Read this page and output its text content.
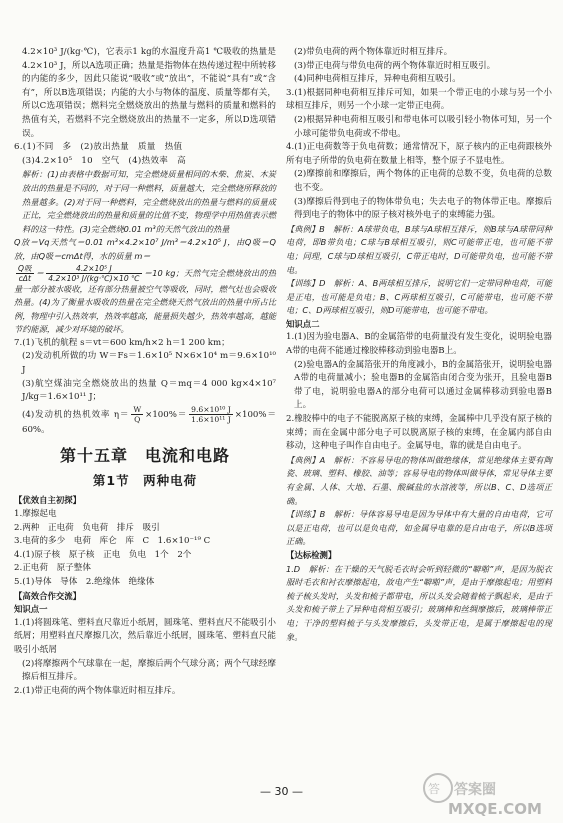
4.2×10³ J/(kg·℃)，它表示1 kg的水温度升高1 ℃吸收的热量是4.2×10³ J，所以A选项正确；热量是指物体在热传递过程中所转移的内能的多少，因此只能说“吸收”或“放出”，不能说“具有”或“含有”，所以B选项错误；内能的大小与物体的温度、质量等都有关，所以C选项错误；燃料完全燃烧放出的热量与燃料的质量和燃料的热值有关，若燃料不完全燃烧放出的热量不一定多，所以D选项错误。

6.(1)不同　多　(2)放出热量　质量　热值

(3)4.2×10⁵　10　空气　(4)热效率　高

解析：(1)由表格中数据可知，完全燃烧质量相同的木柴、焦炭、木炭放出的热量是不同的，对于同一种燃料，质量越大，完全燃烧所释放的热量越多。(2)对于同一种燃料，完全燃烧放出的热量与燃料的质量成正比，完全燃烧放出的热量和质量的比值不变，物理学中用热值表示燃料的这一特性。(3)完全燃烧0.01 m³的天然气放出的热量

Q放＝Vq天然气＝0.01 m³×4.2×10⁷ J/m³＝4.2×10⁵ J，由Q吸＝Q放，由Q吸＝cmΔt得，水的质量 m＝

$\frac{\text{Q吸}}{\text{cΔt}} = \frac{\text{4.2×10⁵ J}}{\text{4.2×10³ J/(kg·℃)×10 ℃}} =10$ kg；天然气完全燃烧放出的热量一部分被水吸收，还有部分热量被空气等吸收，同时，燃气灶也会吸收热量。(4)为了衡量水吸收的热量在完全燃烧天然气放出的热量中所占比例，物理中引入热效率，热效率越高，能量损失越少，热效率越高，越能节约能源，减少对环境的破坏。

7.(1)飞机的航程 s＝vt＝600 km/h×2 h＝1 200 km；

(2)发动机所做的功 W＝Fs＝1.6×10⁵ N×6×10⁴ m＝9.6×10¹⁰ J

(3)航空煤油完全燃烧放出的热量 Q＝mq＝4 000 kg×4×10⁷ J/kg＝1.6×10¹¹ J；

(4)发动机的热机效率 $\eta= \frac{W}{Q} \times 100\%= \frac{\text{9.6×10¹⁰ J}}{\text{1.6×10¹¹ J}} \times 100\%=60\%$。

第十五章　电流和电路
第1节　两种电荷

【优效自主初探】

1.摩擦起电

2.两种　正电荷　负电荷　排斥　吸引

3.电荷的多少　电荷　库仑　库　C　1.6×10⁻¹⁹ C

4.(1)原子核　原子核　正电　负电　1个　2个

2.正电荷　原子整体

5.(1)导体　导体　2.绝缘体　绝缘体

【高效合作交流】

知识点一

1.(1)将圆珠笔、塑料直尺靠近小纸屑，圆珠笔、塑料直尺不能吸引小纸屑；用塑料直尺摩擦几次，然后靠近小纸屑，圆珠笔、塑料直尺能吸引小纸屑

(2)将摩擦两个气球靠在一起，摩擦后两个气球分离；两个气球经摩擦后相互排斥。

2.(1)带正电荷的两个物体靠近时相互排斥。

(2)带负电荷的两个物体靠近时相互排斥。

(3)带正电荷与带负电荷的两个物体靠近时相互吸引。

(4)同种电荷相互排斥，异种电荷相互吸引。

3.(1)根据同种电荷相互排斥可知，如果一个带正电的小球与另一个小球相互排斥，则另一个小球一定带正电荷。

(2)根据异种电荷相互吸引和带电体可以吸引轻小物体可知，另一个小球可能带负电荷或不带电。

4.(1)正电荷数等于负电荷数；通常情况下，原子核内的正电荷跟核外所有电子所带的负电荷在数量上相等，整个原子不显电性。

(2)摩擦前和摩擦后，两个物体的正电荷的总数不变，负电荷的总数也不变。

(3)摩擦后得到电子的物体带负电；失去电子的物体带正电。摩擦后得到电子的物体中的原子核对核外电子的束缚能力强。

【典例】B　解析：A球带负电，B球与A球相互排斥，则B球与A球带同种电荷，即B带负电；C球与B球相互吸引，则C可能带正电，也可能不带电；同理，C球与D球相互吸引，C带正电时，D可能带负电，也可能不带电。

【训练】D　解析：A、B两球相互排斥，说明它们一定带同种电荷，可能是正电，也可能是负电；B、C两球相互吸引，C可能带电，也可能不带电；C、D两球相互吸引，则D可能带电，也可能不带电。

知识点二

1.(1)因为验电器A、B的金属箔带的电荷量没有发生变化，说明验电器A带的电荷不能通过橡胶棒移动到验电器B上。

(2)验电器A的金属箔张开的角度减小，B的金属箔张开，说明验电器A带的电荷量减小；验电器B的金属箔由闭合变为张开，且验电器B带了电，说明验电器A的部分电荷可以通过金属棒移动到验电器B上。

2.橡胶棒中的电子不能脱离原子核的束缚，金属棒中几乎没有原子核的束缚；而在金属中部分电子可以脱离原子核的束缚，在金属内部自由移动，这种电子叫作自由电子。金属导电，靠的就是自由电子。

【典例】A　解析：不容易导电的物体叫做绝缘体，常见绝缘体主要有陶瓷、玻璃、塑料、橡胶、油等；容易导电的物体叫做导体，常见导体主要有金属、人体、大地、石墨、酸碱盐的水溶液等，所以B、C、D选项正确。

【训练】B　解析：导体容易导电是因为导体中有大量的自由电荷，它可以是正电荷，也可以是负电荷，如金属导电靠的是自由电子，所以B选项正确。

【达标检测】

1.D　解析：在干燥的天气脱毛衣时会听到轻微的“噼啪”声，是因为脱衣服时毛衣和衬衣摩擦起电，故电产生“噼啪”声，是由于摩擦起电；用塑料梳子梳头发时，头发和梳子都带电，所以头发会随着梳子飘起来，是由于头发和梳子带上了异种电荷相互吸引；玻璃棒和丝绸摩擦后，玻璃棒带正电；干净的塑料梳子与头发摩擦后，头发带正电，是属于摩擦起电的现象。

— 30 —	答 答案圈
MXQE.COM
